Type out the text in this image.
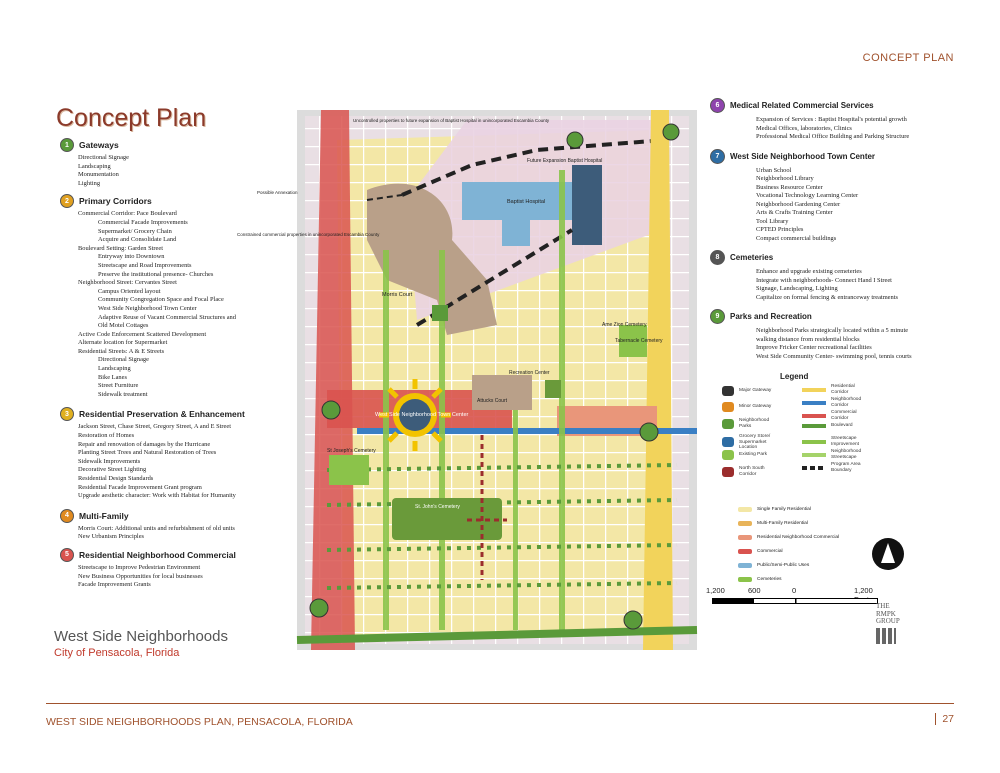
CONCEPT PLAN
Concept Plan
1	Gateways
Directional Signage
Landscaping
Monumentation
Lighting
2	Primary Corridors
Commercial Corridor: Pace Boulevard
Commercial Facade Improvements
Supermarket/ Grocery Chain
Acquire and Consolidate Land
Boulevard Setting: Garden Street
Entryway into Downtown
Streetscape and Road Improvements
Preserve the institutional presence- Churches
Neighborhood Street: Cervantes Street
Campus Oriented layout
Community Congregation Space and Focal Place
West Side Neighborhood Town Center
Adaptive Reuse of Vacant Commercial Structures and
Old Motel Cottages
Active Code Enforcement Scattered Development
Alternate location for Supermarket
Residential Streets: A & E Streets
Directional Signage
Landscaping
Bike Lanes
Street Furniture
Sidewalk treatment
3	Residential Preservation & Enhancement
Jackson Street, Chase Street, Gregory Street, A and E Street
Restoration of Homes
Repair and renovation of damages by the Hurricane
Planting Street Trees and Natural Restoration of Trees
Sidewalk Improvements
Decorative Street Lighting
Residential Design Standards
Residential Facade Improvement Grant program
Upgrade aesthetic character: Work with Habitat for Humanity
4	Multi-Family
Morris Court: Additional units and refurbishment of old units
New Urbanism Principles
5	Residential Neighborhood Commercial
Streetscape to Improve Pedestrian Environment
New Business Opportunities for local businesses
Facade Improvement Grants
West Side Neighborhoods
City of Pensacola, Florida
Uncontrolled properties to future expansion of Baptist Hospital in unincorporated Escambia County
Possible Annexation
Constrained commercial properties in unincorporated Escambia County
Future Expansion Baptist Hospital
Baptist Hospital
Morris Court
Ame Zion Cemetery
Tabernacle Cemetery
Recreation Center
West Side Neighborhood Town Center
Attucks Court
St Joseph's Cemetery
St. John's Cemetery
6	Medical Related Commercial Services
Expansion of Services : Baptist Hospital's potential growth
Medical Offices, laboratories, Clinics
Professional Medical Office Building and Parking Structure
7	West Side Neighborhood Town Center
Urban School
Neighborhood Library
Business Resource Center
Vocational Technology Learning Center
Neighborhood Gardening Center
Arts & Crafts Training Center
Tool Library
CPTED Principles
Compact commercial buildings
8	Cemeteries
Enhance and upgrade existing cemeteries
Integrate with neighborhoods- Connect Hand I Street
Signage, Landscaping, Lighting
Capitalize on formal fencing & entranceway treatments
9	Parks and Recreation
Neighborhood Parks strategically located within a 5 minute
walking distance from residential blocks
Improve Fricker Center recreational facilities
West Side Community Center- swimming pool, tennis courts
Legend
Major Gateway
Minor Gateway
Neighborhood Parks
Grocery Store/ Supermarket Location
Existing Park
North South Corridor
Residential Corridor
Neighborhood Corridor
Commercial Corridor
Boulevard
Streetscape Improvement
Neighborhood Streetscape
Program Area Boundary
Single Family Residential
Multi-Family Residential
Residential Neighborhood Commercial
Commercial
Public/Semi-Public Uses
Cemeteries
1,200	600	0	1,200
THE
RMPK
GROUP
WEST SIDE NEIGHBORHOODS PLAN, PENSACOLA, FLORIDA	27
